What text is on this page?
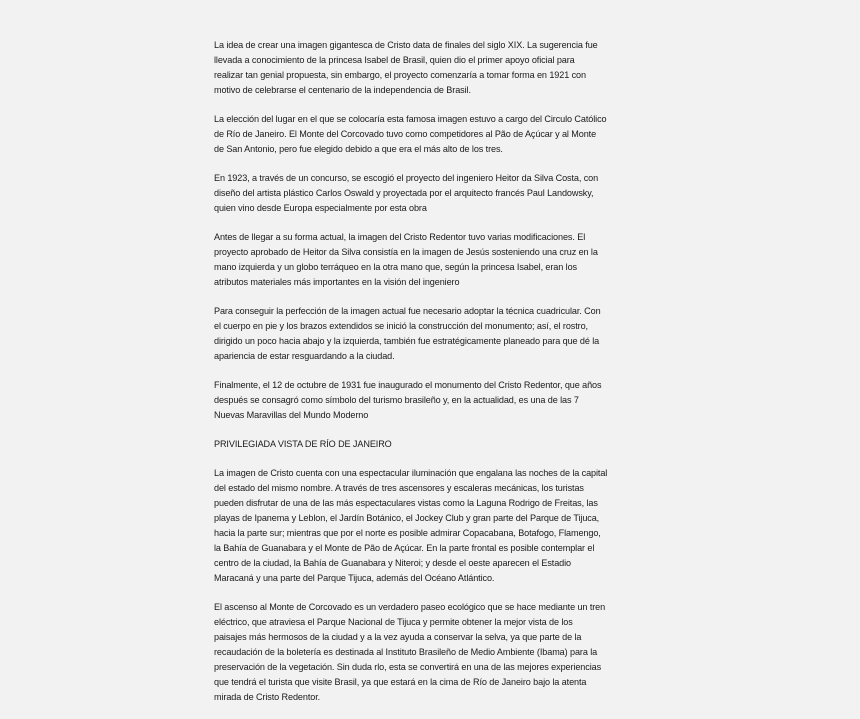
La idea de crear una imagen gigantesca de Cristo data de finales del siglo XIX. La sugerencia fue
llevada a conocimiento de la princesa Isabel de Brasil, quien dio el primer apoyo oficial para
realizar tan genial propuesta, sin embargo, el proyecto comenzaría a tomar forma en 1921 con
motivo de celebrarse el centenario de la independencia de Brasil.
La elección del lugar en el que se colocaría esta famosa imagen estuvo a cargo del Circulo Católico
de Río de Janeiro. El Monte del Corcovado tuvo como competidores al Pão de Açúcar y al Monte
de San Antonio, pero fue elegido debido a que era el más alto de los tres.
En 1923, a través de un concurso, se escogió el proyecto del ingeniero Heitor da Silva Costa, con
diseño del artista plástico Carlos Oswald y proyectada por el arquitecto francés Paul Landowsky,
quien vino desde Europa especialmente por esta obra
Antes de llegar a su forma actual, la imagen del Cristo Redentor tuvo varias modificaciones. El
proyecto aprobado de Heitor da Silva consistía en la imagen de Jesús sosteniendo una cruz en la
mano izquierda y un globo terráqueo en la otra mano que, según la princesa Isabel, eran los
atributos materiales más importantes en la visión del ingeniero
Para conseguir la perfección de la imagen actual fue necesario adoptar la técnica cuadricular. Con
el cuerpo en pie y los brazos extendidos se inició la construcción del monumento; así, el rostro,
dirigido un poco hacia abajo y la izquierda, también fue estratégicamente planeado para que dé la
apariencia de estar resguardando a la ciudad.
Finalmente, el 12 de octubre de 1931 fue inaugurado el monumento del Cristo Redentor, que años
después se consagró como símbolo del turismo brasileño y, en la actualidad, es una de las 7
Nuevas Maravillas del Mundo Moderno
PRIVILEGIADA VISTA DE RÍO DE JANEIRO
La imagen de Cristo cuenta con una espectacular iluminación que engalana las noches de la capital
del estado del mismo nombre. A través de tres ascensores y escaleras mecánicas, los turistas
pueden disfrutar de una de las más espectaculares vistas como la Laguna Rodrigo de Freitas, las
playas de Ipanema y Leblon, el Jardín Botánico, el Jockey Club y gran parte del Parque de Tijuca,
hacia la parte sur; mientras que por el norte es posible admirar Copacabana, Botafogo, Flamengo,
la Bahía de Guanabara y el Monte de Pão de Açúcar. En la parte frontal es posible contemplar el
centro de la ciudad, la Bahía de Guanabara y Niteroi; y desde el oeste aparecen el Estadio
Maracaná y una parte del Parque Tijuca, además del Océano Atlántico.
El ascenso al Monte de Corcovado es un verdadero paseo ecológico que se hace mediante un tren
eléctrico, que atraviesa el Parque Nacional de Tijuca y permite obtener la mejor vista de los
paisajes más hermosos de la ciudad y a la vez ayuda a conservar la selva, ya que parte de la
recaudación de la boletería es destinada al Instituto Brasileño de Medio Ambiente (Ibama) para la
preservación de la vegetación. Sin duda rlo, esta se convertirá en una de las mejores experiencias
que tendrá el turista que visite Brasil, ya que estará en la cima de Río de Janeiro bajo la atenta
mirada de Cristo Redentor.
